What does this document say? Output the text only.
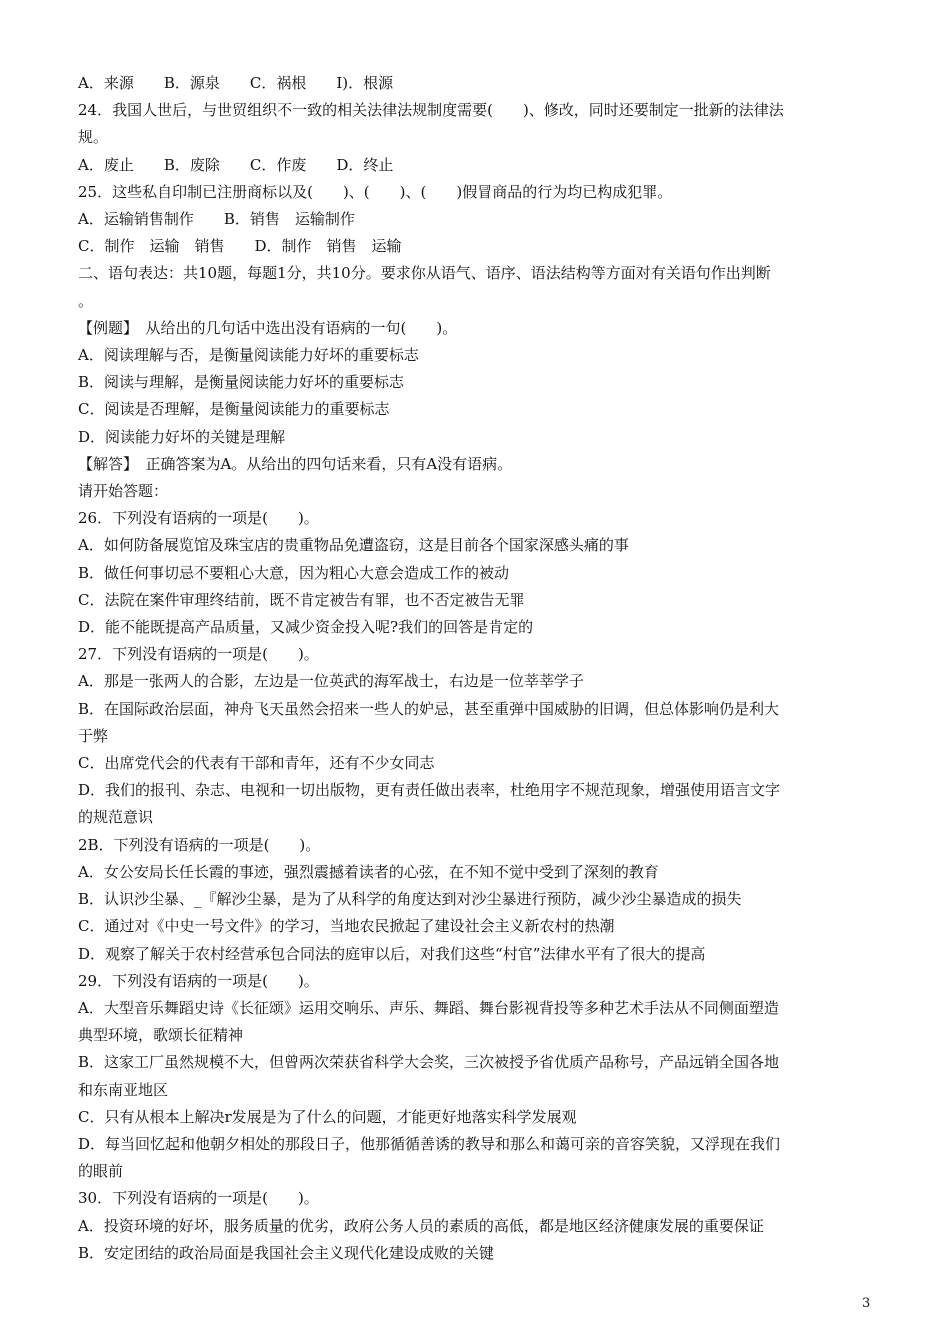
A．来源　　B．源泉　　C．祸根　　I)．根源

24．我国人世后，与世贸组织不一致的相关法律法规制度需要(　　)、修改，同时还要制定一批新的法律法

规。

A．废止　　B．废除　　C．作废　　D．终止

25．这些私自印制已注册商标以及(　　)、(　　)、(　　)假冒商品的行为均已构成犯罪。

A．运输销售制作　　B．销售　运输制作

C．制作　运输　销售　　D．制作　销售　运输

二、语句表达：共10题，每题1分，共10分。要求你从语气、语序、语法结构等方面对有关语句作出判断

。

【例题】　从给出的几句话中选出没有语病的一句(　　)。

A．阅读理解与否，是衡量阅读能力好坏的重要标志

B．阅读与理解，是衡量阅读能力好坏的重要标志

C．阅读是否理解，是衡量阅读能力的重要标志

D．阅读能力好坏的关键是理解

【解答】　正确答案为A。从给出的四句话来看，只有A没有语病。

请开始答题：

26．下列没有语病的一项是(　　)。

A．如何防备展览馆及珠宝店的贵重物品免遭盗窃，这是目前各个国家深感头痛的事

B．做任何事切忌不要粗心大意，因为粗心大意会造成工作的被动

C．法院在案件审理终结前，既不肯定被告有罪，也不否定被告无罪

D．能不能既提高产品质量，又减少资金投入呢?我们的回答是肯定的

27．下列没有语病的一项是(　　)。

A．那是一张两人的合影，左边是一位英武的海军战士，右边是一位莘莘学子

B．在国际政治层面，神舟飞天虽然会招来一些人的妒忌，甚至重弹中国威胁的旧调，但总体影响仍是利大

于弊

C．出席党代会的代表有干部和青年，还有不少女同志

D．我们的报刊、杂志、电视和一切出版物，更有责任做出表率，杜绝用字不规范现象，增强使用语言文字

的规范意识

2B．下列没有语病的一项是(　　)。

A．女公安局长任长霞的事迹，强烈震撼着读者的心弦，在不知不觉中受到了深刻的教育

B．认识沙尘暴、_『解沙尘暴，是为了从科学的角度达到对沙尘暴进行预防，减少沙尘暴造成的损失

C．通过对《中史一号文件》的学习，当地农民掀起了建设社会主义新农村的热潮

D．观察了解关于农村经营承包合同法的庭审以后，对我们这些“村官”法律水平有了很大的提高

29．下列没有语病的一项是(　　)。

A．大型音乐舞蹈史诗《长征颂》运用交响乐、声乐、舞蹈、舞台影视背投等多种艺术手法从不同侧面塑造

典型环境，歌颂长征精神

B．这家工厂虽然规模不大，但曾两次荣获省科学大会奖，三次被授予省优质产品称号，产品远销全国各地

和东南亚地区

C．只有从根本上解决r发展是为了什么的问题，才能更好地落实科学发展观

D．每当回忆起和他朝夕相处的那段日子，他那循循善诱的教导和那么和蔼可亲的音容笑貌，又浮现在我们

的眼前

30．下列没有语病的一项是(　　)。

A．投资环境的好坏，服务质量的优劣，政府公务人员的素质的高低，都是地区经济健康发展的重要保证

B．安定团结的政治局面是我国社会主义现代化建设成败的关键

3
